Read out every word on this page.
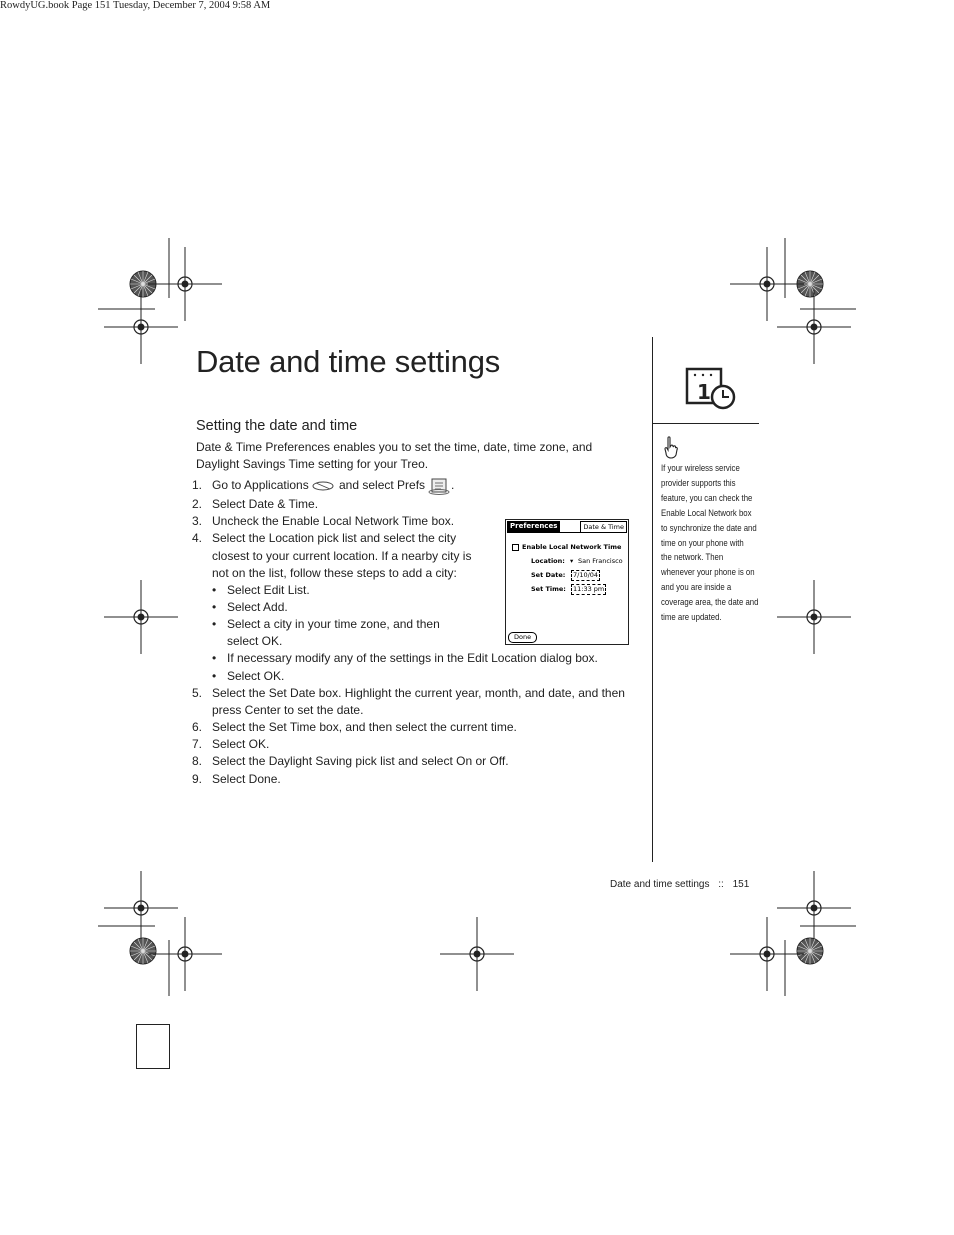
RowdyUG.book Page 151 Tuesday, December 7, 2004 9:58 AM
Date and time settings
Setting the date and time

Date & Time Preferences enables you to set the time, date, time zone, and Daylight Savings Time setting for your Treo.

1. Go to Applications	and select Prefs .
2. Select Date & Time.
3. Uncheck the Enable Local Network Time box.
4. Select the Location pick list and select the city
closest to your current location. If a nearby city is
not on the list, follow these steps to add a city:
• Select Edit List.
• Select Add.
• Select a city in your time zone, and then
select OK.
• If necessary modify any of the settings in the Edit Location dialog box.
• Select OK.
5. Select the Set Date box. Highlight the current year, month, and date, and then
press Center to set the date.
6. Select the Set Time box, and then select the current time.
7. Select OK.
8. Select the Daylight Saving pick list and select On or Off.
9. Select Done.
Preferences	Date & Time
Enable Local Network Time
Location: ▾ San Francisco
Set Date:	7/10/04
Set Time:	11:33 pm
Done
1
If your wireless service
provider supports this
feature, you can check the
Enable Local Network box
to synchronize the date and
time on your phone with
the network. Then
whenever your phone is on
and you are inside a
coverage area, the date and
time are updated.
Date and time settings :: 151
